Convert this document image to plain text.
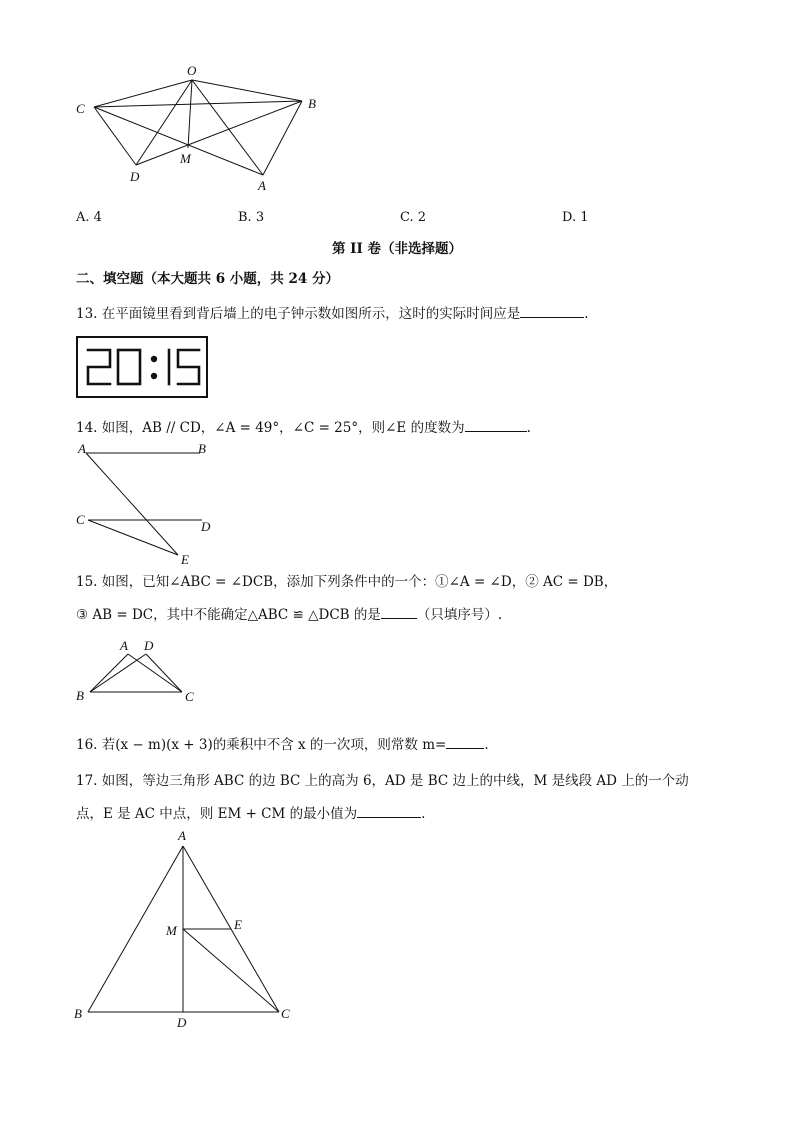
O
B
C
M
D
A
A. 4	B. 3	C. 2	D. 1
第 II 卷（非选择题）
二、填空题（本大题共 6 小题，共 24 分）
13. 在平面镜里看到背后墙上的电子钟示数如图所示，这时的实际时间应是	.
14. 如图，AB // CD，∠A = 49°，∠C = 25°，则∠E 的度数为	.
A	B
C	D
E
15. 如图，已知∠ABC = ∠DCB，添加下列条件中的一个：①∠A = ∠D，② AC = DB，
③ AB = DC，其中不能确定△ABC ≌ △DCB 的是	（只填序号）.
A D
B	C
16. 若(x − m)(x + 3)的乘积中不含 x 的一次项，则常数 m=	.
17. 如图，等边三角形 ABC 的边 BC 上的高为 6，AD 是 BC 边上的中线，M 是线段 AD 上的一个动
点，E 是 AC 中点，则 EM + CM 的最小值为	.
A
M	E
B
D
C
